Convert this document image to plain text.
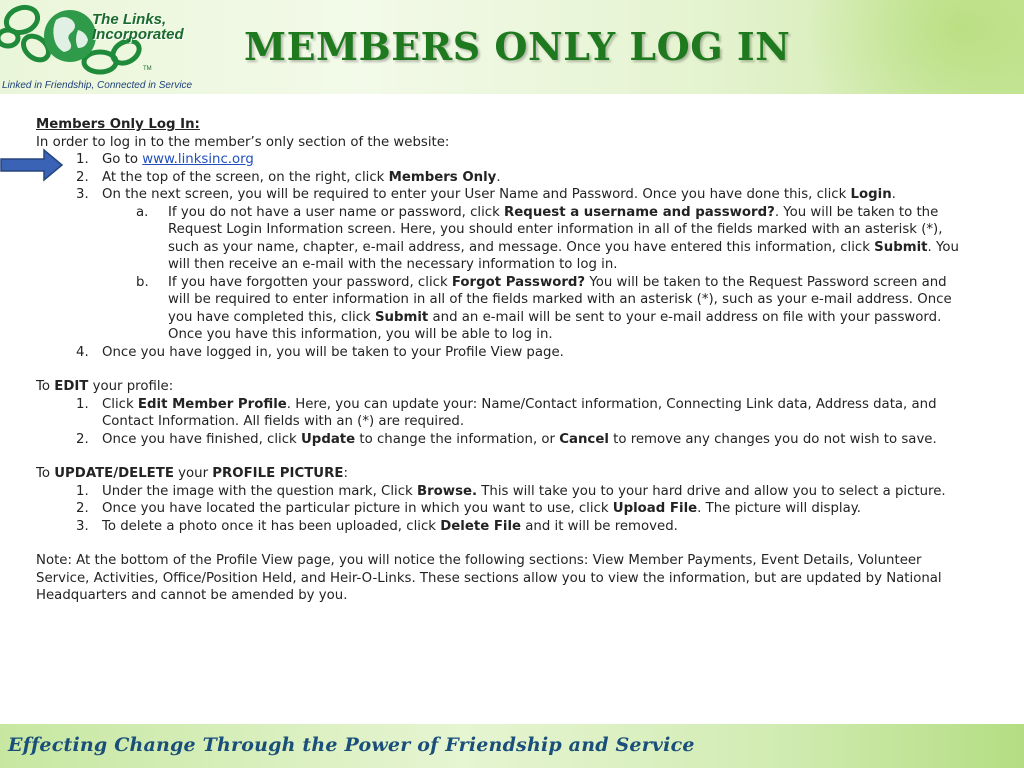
The Links,
Incorporated
TM
Linked in Friendship, Connected in Service
MEMBERS ONLY LOG IN

Members Only Log In:

In order to log in to the member’s only section of the website:

1. Go to www.linksinc.org
2. At the top of the screen, on the right, click Members Only.
3. On the next screen, you will be required to enter your User Name and Password. Once you have done this, click Login.
a. If you do not have a user name or password, click Request a username and password?. You will be taken to the Request Login Information screen. Here, you should enter information in all of the fields marked with an asterisk (*), such as your name, chapter, e-mail address, and message. Once you have entered this information, click Submit. You will then receive an e-mail with the necessary information to log in.
b. If you have forgotten your password, click Forgot Password? You will be taken to the Request Password screen and will be required to enter information in all of the fields marked with an asterisk (*), such as your e-mail address. Once you have completed this, click Submit and an e-mail will be sent to your e-mail address on file with your password. Once you have this information, you will be able to log in.
4. Once you have logged in, you will be taken to your Profile View page.

To EDIT your profile:

1. Click Edit Member Profile. Here, you can update your: Name/Contact information, Connecting Link data, Address data, and Contact Information. All fields with an (*) are required.
2. Once you have finished, click Update to change the information, or Cancel to remove any changes you do not wish to save.

To UPDATE/DELETE your PROFILE PICTURE:

1. Under the image with the question mark, Click Browse. This will take you to your hard drive and allow you to select a picture.
2. Once you have located the particular picture in which you want to use, click Upload File. The picture will display.
3. To delete a photo once it has been uploaded, click Delete File and it will be removed.

Note: At the bottom of the Profile View page, you will notice the following sections: View Member Payments, Event Details, Volunteer Service, Activities, Office/Position Held, and Heir-O-Links. These sections allow you to view the information, but are updated by National Headquarters and cannot be amended by you.

Effecting Change Through the Power of Friendship and Service
